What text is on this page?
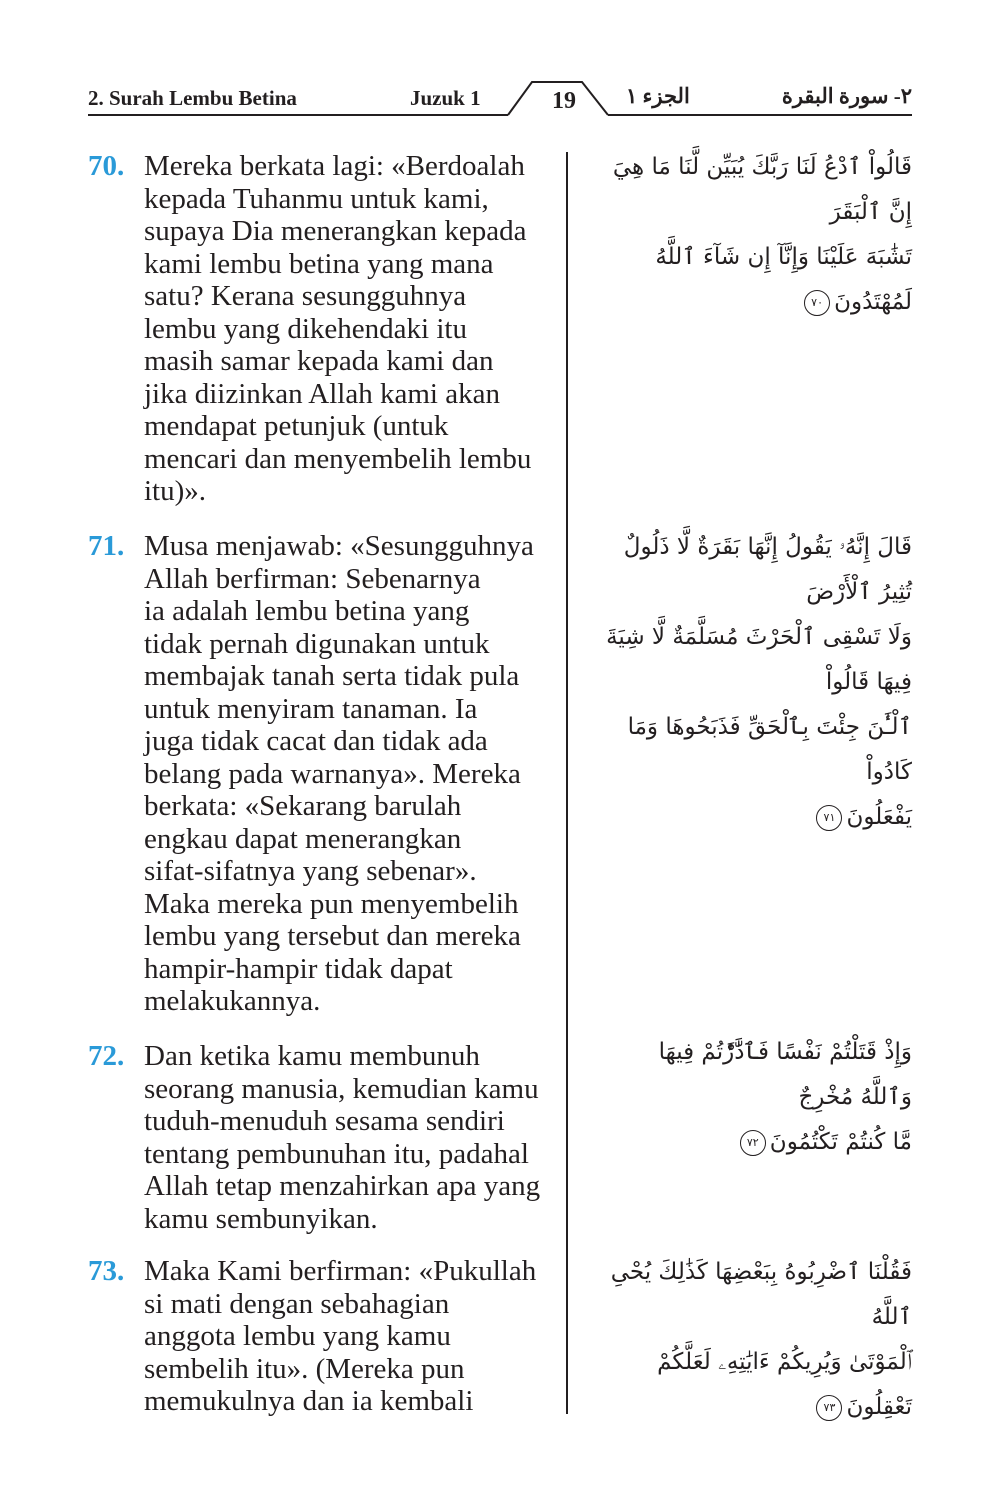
2. Surah Lembu Betina	Juzuk 1	19	الجزء ١	٢- سورة البقرة
70. Mereka berkata lagi: «Berdoalah
kepada Tuhanmu untuk kami,
supaya Dia menerangkan kepada
kami lembu betina yang mana
satu? Kerana sesungguhnya
lembu yang dikehendaki itu
masih samar kepada kami dan
jika diizinkan Allah kami akan
mendapat petunjuk (untuk
mencari dan menyembelih lembu
itu)».
قَالُواْ ٱدْعُ لَنَا رَبَّكَ يُبَيِّن لَّنَا مَا هِيَ إِنَّ ٱلْبَقَرَ
تَشَٰبَهَ عَلَيْنَا وَإِنَّآ إِن شَآءَ ٱللَّهُ لَمُهْتَدُونَ٧٠
71. Musa menjawab: «Sesungguhnya
Allah berfirman: Sebenarnya
ia adalah lembu betina yang
tidak pernah digunakan untuk
membajak tanah serta tidak pula
untuk menyiram tanaman. Ia
juga tidak cacat dan tidak ada
belang pada warnanya». Mereka
berkata: «Sekarang barulah
engkau dapat menerangkan
sifat-sifatnya yang sebenar».
Maka mereka pun menyembelih
lembu yang tersebut dan mereka
hampir-hampir tidak dapat
melakukannya.
قَالَ إِنَّهُۥ يَقُولُ إِنَّهَا بَقَرَةٌ لَّا ذَلُولٌ تُثِيرُ ٱلْأَرْضَ
وَلَا تَسْقِى ٱلْحَرْثَ مُسَلَّمَةٌ لَّا شِيَةَ فِيهَا قَالُواْ
ٱلْـَٰٔنَ جِئْتَ بِٱلْحَقِّ فَذَبَحُوهَا وَمَا كَادُواْ
يَفْعَلُونَ٧١
72. Dan ketika kamu membunuh
seorang manusia, kemudian kamu
tuduh-menuduh sesama sendiri
tentang pembunuhan itu, padahal
Allah tetap menzahirkan apa yang
kamu sembunyikan.
وَإِذْ قَتَلْتُمْ نَفْسًا فَٱدَّٰرَْٰٔتُمْ فِيهَا وَٱللَّهُ مُخْرِجٌ
مَّا كُنتُمْ تَكْتُمُونَ٧٢
73. Maka Kami berfirman: «Pukullah
si mati dengan sebahagian
anggota lembu yang kamu
sembelih itu». (Mereka pun
memukulnya dan ia kembali
فَقُلْنَا ٱضْرِبُوهُ بِبَعْضِهَا كَذَٰلِكَ يُحْىِ ٱللَّهُ
ٱلْمَوْتَىٰ وَيُرِيكُمْ ءَايَٰتِهِۦ لَعَلَّكُمْ تَعْقِلُونَ٧٣
